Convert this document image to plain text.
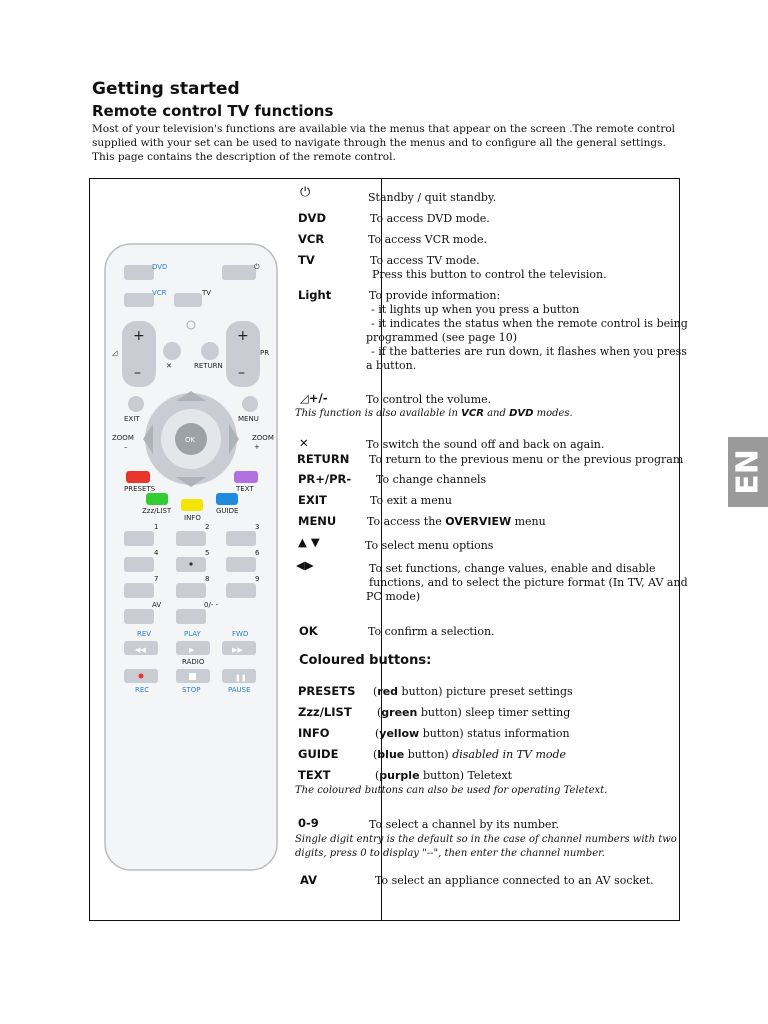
Getting started
Remote control TV functions

Most of your television's functions are available via the menus that appear on the screen .The remote control
supplied with your set can be used to navigate through the menus and to configure all the general settings.
This page contains the description of the remote control.

EN
DVD	⏻
VCR	TV
+
–
◿
+
–
PR
✕	RETURN
EXIT	MENU
ZOOM
–
ZOOM
+
OK
PRESETS	TEXT
Zzz/LIST
INFO
GUIDE
1	2	3
4	5	6
7	8	9
AV	0/- -
REV	PLAY	FWD
◀◀	▶	▶▶
RADIO
❚❚
REC	STOP	PAUSE
⏻	Standby / quit standby.
DVD	To access DVD mode.
VCR	To access VCR mode.
TV	To access TV mode.
Press this button to control the television.
Light	To provide information:
- it lights up when you press a button
- it indicates the status when the remote control is being
programmed (see page 10)
- if the batteries are run down, it flashes when you press
a button.
◿+/-	To control the volume.
This function is also available in VCR and DVD modes.
✕	To switch the sound off and back on again.
RETURN To return to the previous menu or the previous program
PR+/PR- To change channels
EXIT	To exit a menu
MENU	To access the OVERVIEW menu
▲ ▼	To select menu options
◀▶	To set functions, change values, enable and disable
functions, and to select the picture format (In TV, AV and
PC mode)
OK	To confirm a selection.
Coloured buttons:
PRESETS (red button) picture preset settings
Zzz/LIST (green button) sleep timer setting
INFO	(yellow button) status information
GUIDE	(blue button) disabled in TV mode
TEXT	(purple button) Teletext
The coloured buttons can also be used for operating Teletext.
0-9	To select a channel by its number.
Single digit entry is the default so in the case of channel numbers with two
digits, press 0 to display "--", then enter the channel number.
AV	To select an appliance connected to an AV socket.
